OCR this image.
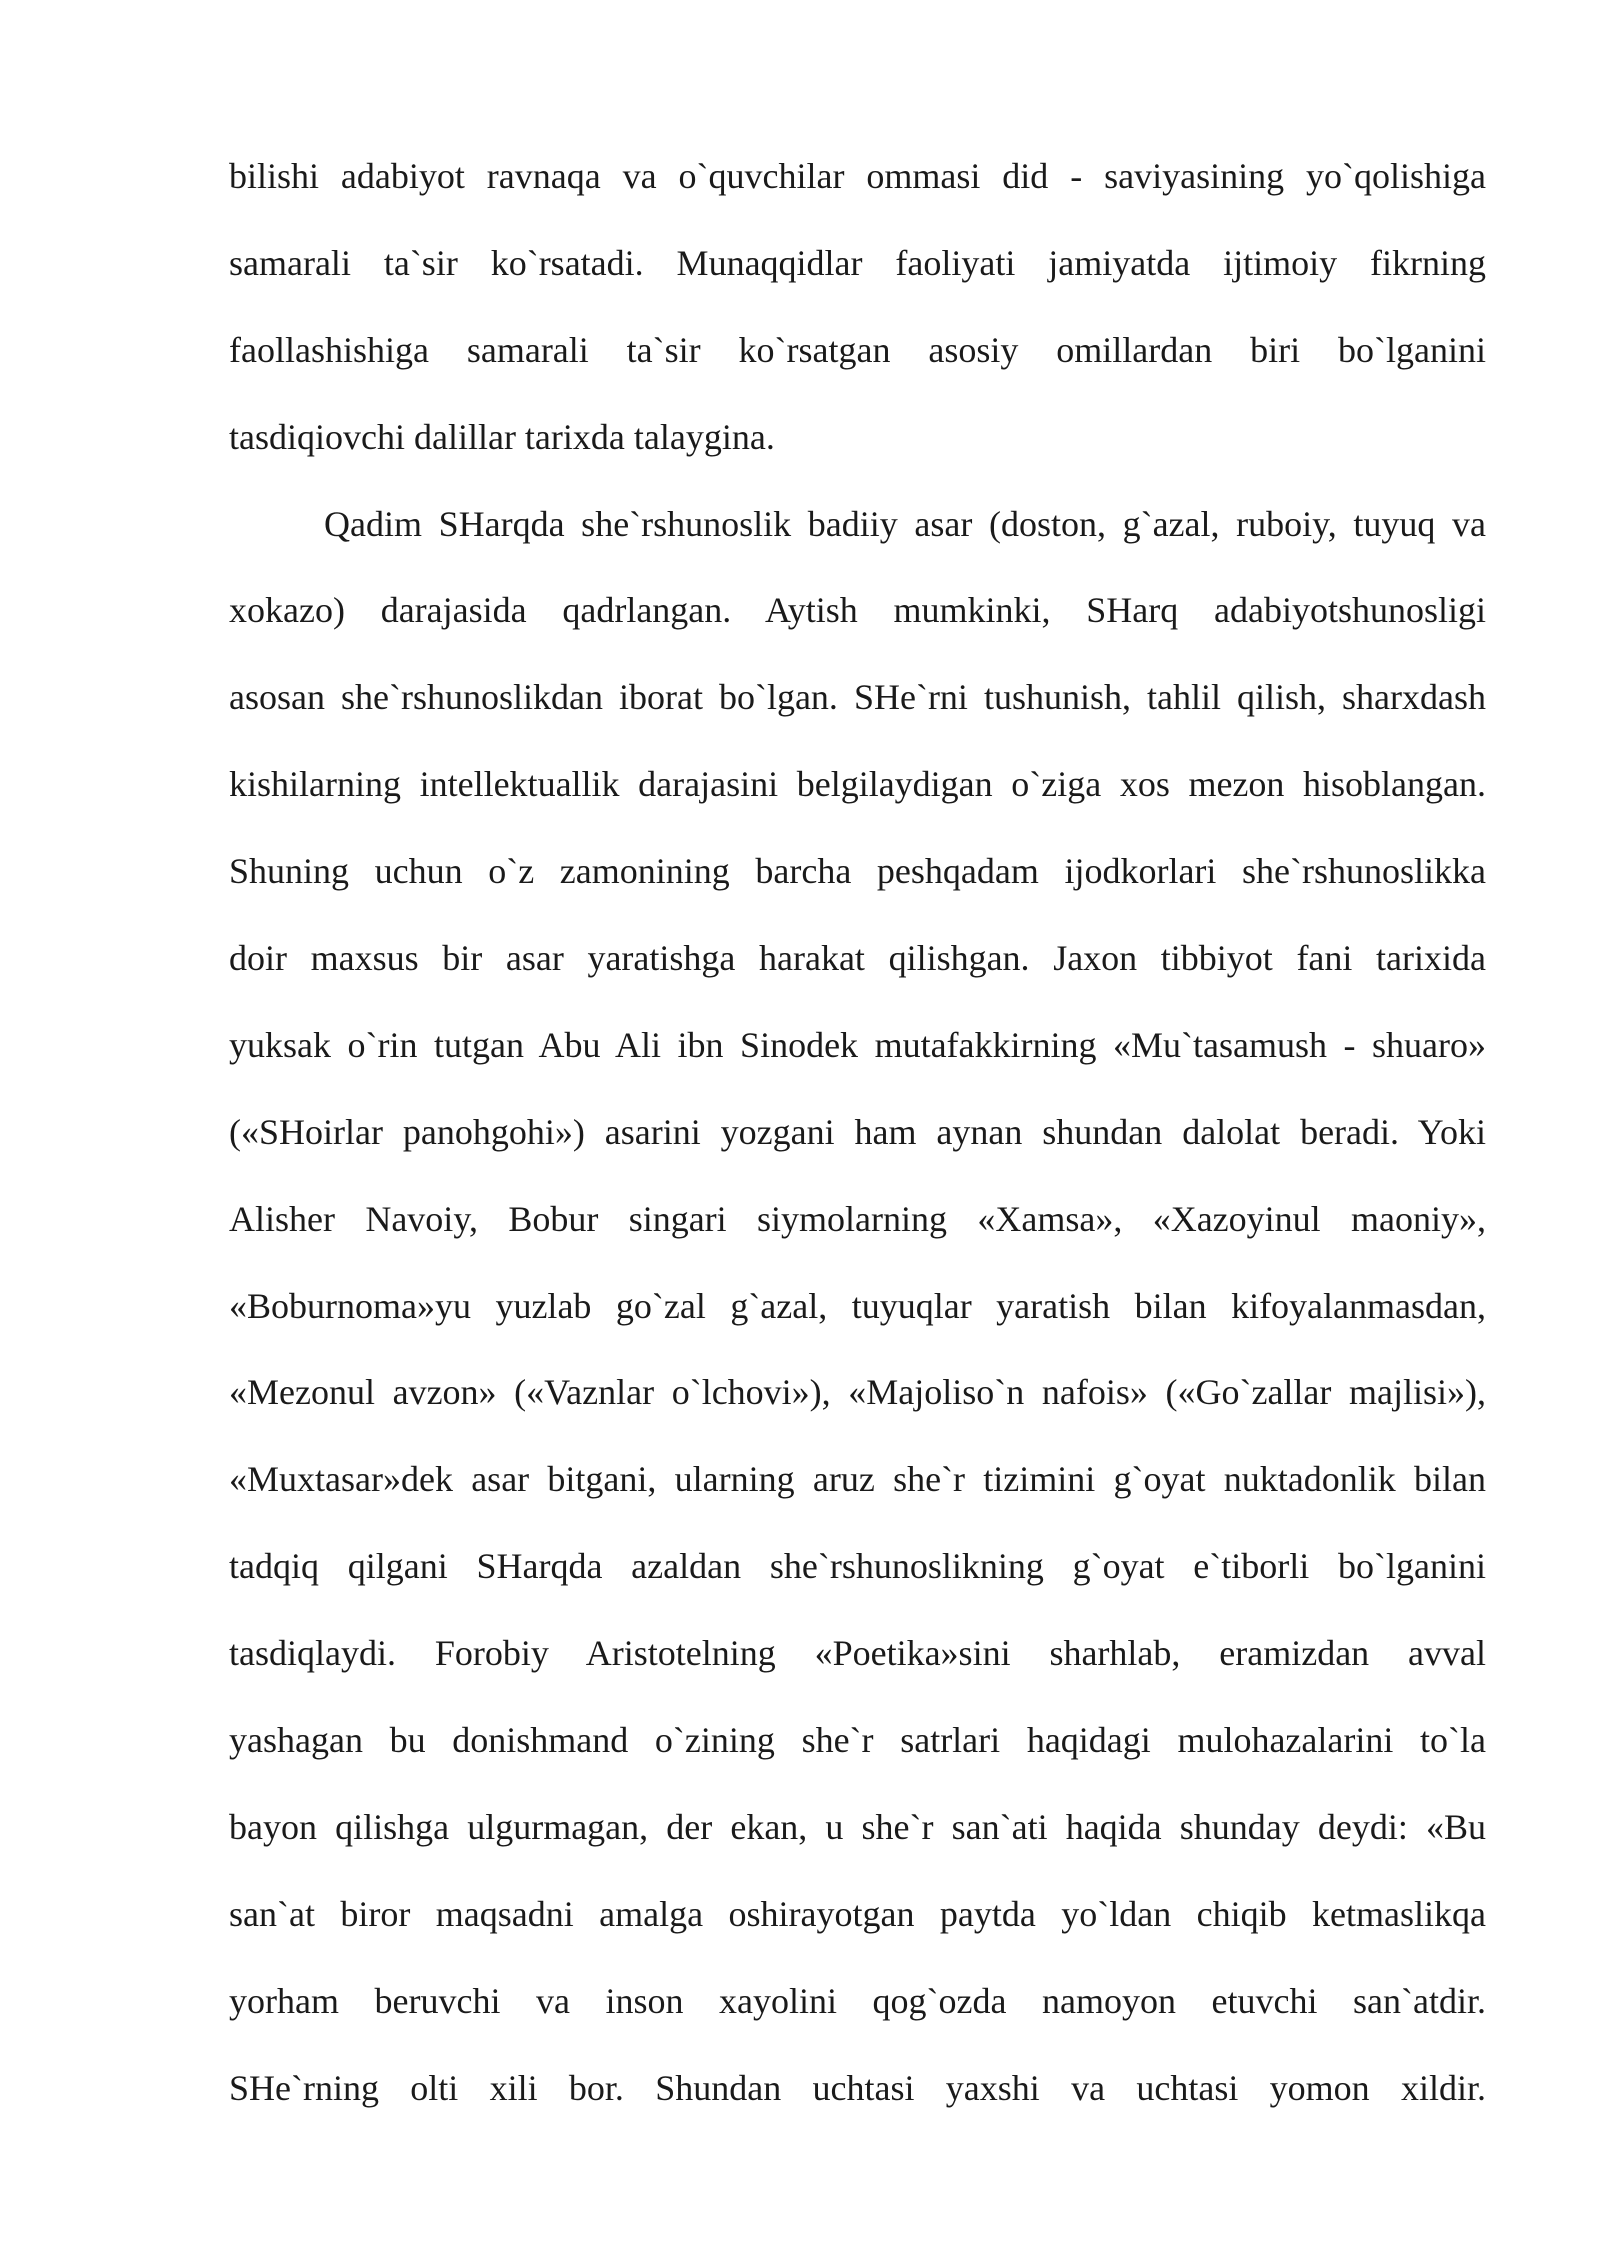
bilishi adabiyot ravnaqa va o`quvchilar ommasi did - saviyasining yo`qolishiga
samarali ta`sir ko`rsatadi. Munaqqidlar faoliyati jamiyatda ijtimoiy fikrning
faollashishiga samarali ta`sir ko`rsatgan asosiy omillardan biri bo`lganini
tasdiqiovchi dalillar tarixda talaygina.
Qadim SHarqda she`rshunoslik badiiy asar (doston, g`azal, ruboiy, tuyuq va
xokazo) darajasida qadrlangan. Aytish mumkinki, SHarq adabiyotshunosligi
asosan she`rshunoslikdan iborat bo`lgan. SHe`rni tushunish, tahlil qilish, sharxdash
kishilarning intellektuallik darajasini belgilaydigan o`ziga xos mezon hisoblangan.
Shuning uchun o`z zamonining barcha peshqadam ijodkorlari she`rshunoslikka
doir maxsus bir asar yaratishga harakat qilishgan. Jaxon tibbiyot fani tarixida
yuksak o`rin tutgan Abu Ali ibn Sinodek mutafakkirning «Mu`tasamush - shuaro»
(«SHoirlar panohgohi») asarini yozgani ham aynan shundan dalolat beradi. Yoki
Alisher Navoiy, Bobur singari siymolarning «Xamsa», «Xazoyinul maoniy»,
«Boburnoma»yu yuzlab go`zal g`azal, tuyuqlar yaratish bilan kifoyalanmasdan,
«Mezonul avzon» («Vaznlar o`lchovi»), «Majoliso`n nafois» («Go`zallar majlisi»),
«Muxtasar»dek asar bitgani, ularning aruz she`r tizimini g`oyat nuktadonlik bilan
tadqiq qilgani SHarqda azaldan she`rshunoslikning g`oyat e`tiborli bo`lganini
tasdiqlaydi. Forobiy Aristotelning «Poetika»sini sharhlab, eramizdan avval
yashagan bu donishmand o`zining she`r satrlari haqidagi mulohazalarini to`la
bayon qilishga ulgurmagan, der ekan, u she`r san`ati haqida shunday deydi: «Bu
san`at biror maqsadni amalga oshirayotgan paytda yo`ldan chiqib ketmaslikqa
yorham beruvchi va inson xayolini qog`ozda namoyon etuvchi san`atdir.
SHe`rning olti xili bor. Shundan uchtasi yaxshi va uchtasi yomon xildir.
